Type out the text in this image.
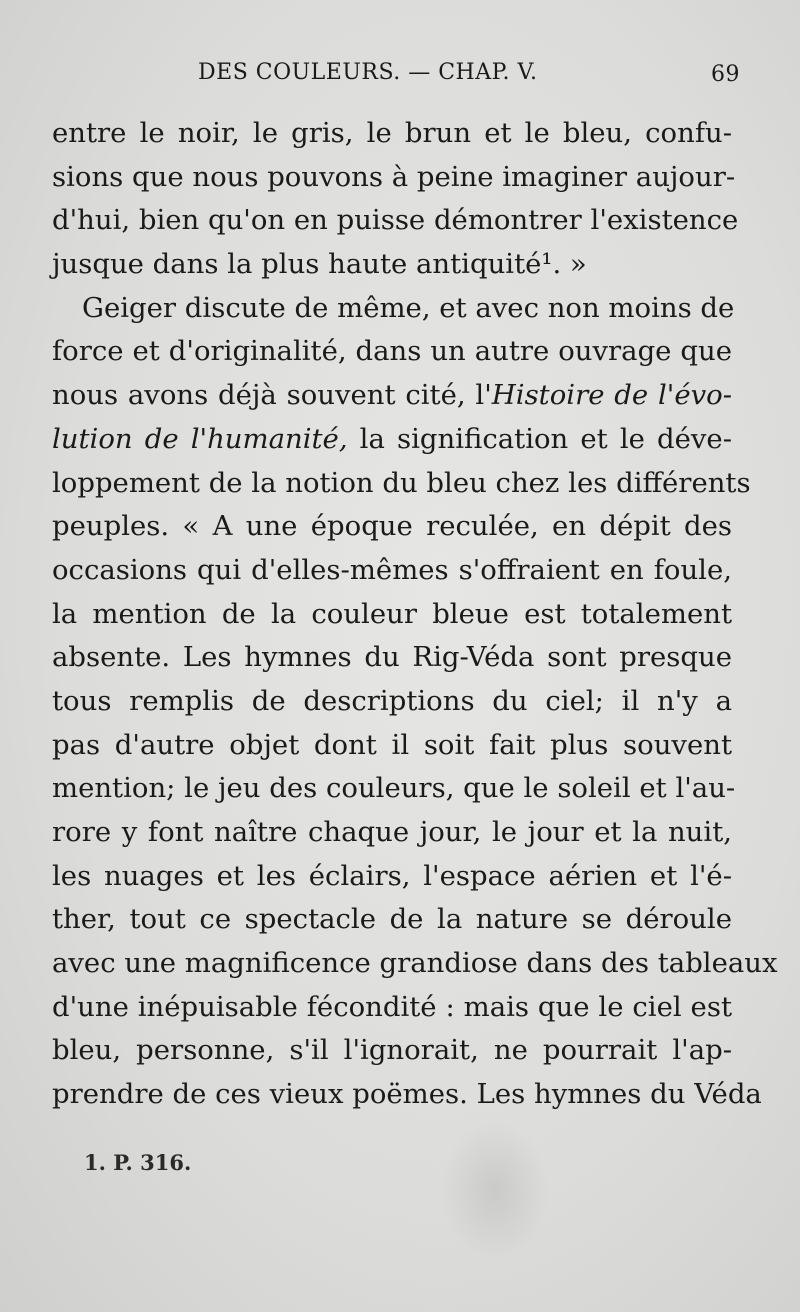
DES COULEURS. — CHAP. V.	69
entre le noir, le gris, le brun et le bleu, confu-
sions que nous pouvons à peine imaginer aujour-
d'hui, bien qu'on en puisse démontrer l'existence
jusque dans la plus haute antiquité¹. »
Geiger discute de même, et avec non moins de
force et d'originalité, dans un autre ouvrage que
nous avons déjà souvent cité, l'Histoire de l'évo-
lution de l'humanité, la signification et le déve-
loppement de la notion du bleu chez les différents
peuples. « A une époque reculée, en dépit des
occasions qui d'elles-mêmes s'offraient en foule,
la mention de la couleur bleue est totalement
absente. Les hymnes du Rig-Véda sont presque
tous remplis de descriptions du ciel; il n'y a
pas d'autre objet dont il soit fait plus souvent
mention; le jeu des couleurs, que le soleil et l'au-
rore y font naître chaque jour, le jour et la nuit,
les nuages et les éclairs, l'espace aérien et l'é-
ther, tout ce spectacle de la nature se déroule
avec une magnificence grandiose dans des tableaux
d'une inépuisable fécondité : mais que le ciel est
bleu, personne, s'il l'ignorait, ne pourrait l'ap-
prendre de ces vieux poëmes. Les hymnes du Véda
1. P. 316.
